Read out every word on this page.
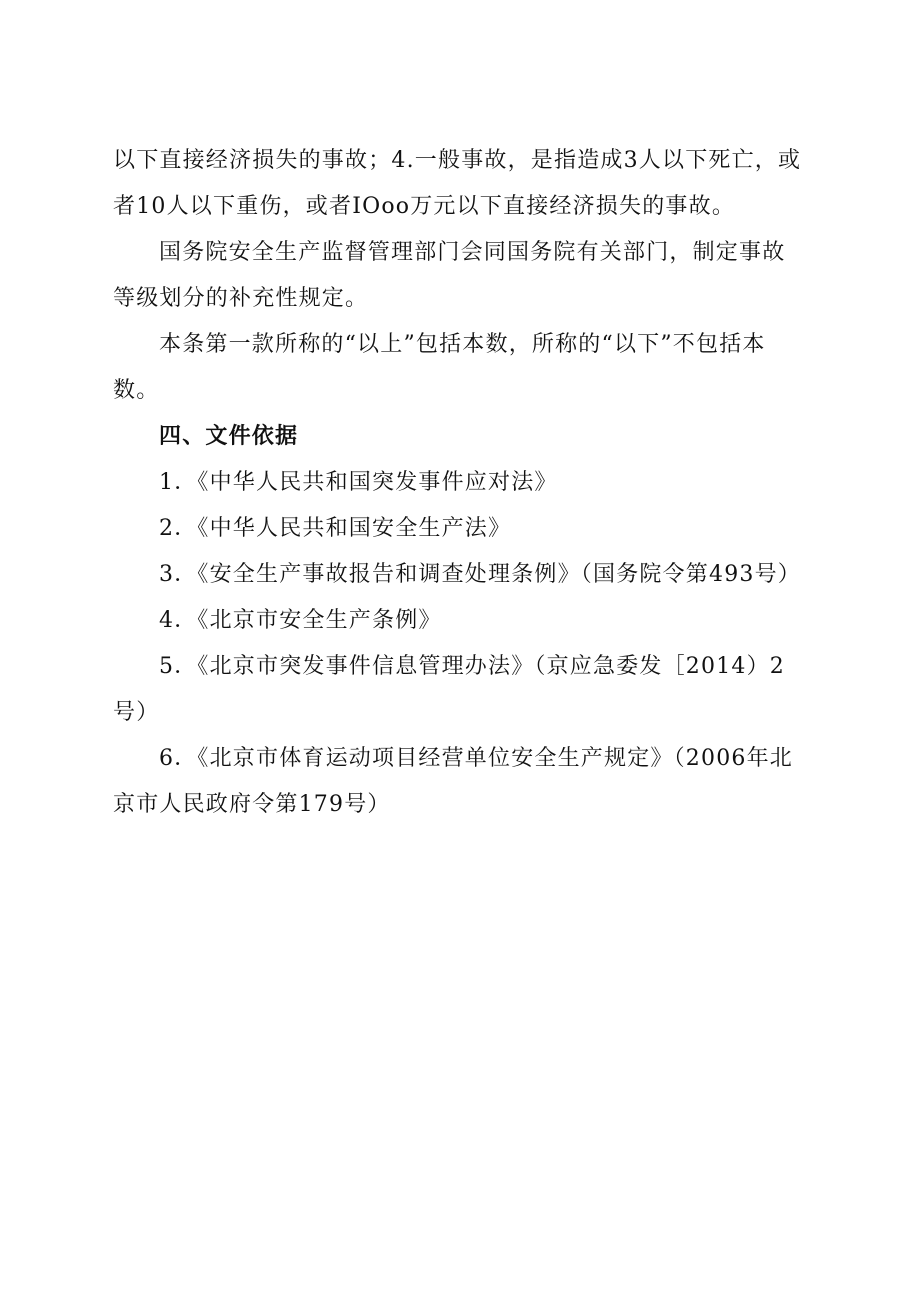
以下直接经济损失的事故；4.一般事故，是指造成3人以下死亡，或者10人以下重伤，或者IOoo万元以下直接经济损失的事故。

国务院安全生产监督管理部门会同国务院有关部门，制定事故等级划分的补充性规定。

本条第一款所称的“以上”包括本数，所称的“以下”不包括本数。

四、文件依据

1．《中华人民共和国突发事件应对法》

2．《中华人民共和国安全生产法》

3．《安全生产事故报告和调查处理条例》（国务院令第493号）

4．《北京市安全生产条例》

5．《北京市突发事件信息管理办法》（京应急委发［2014）2号）

6．《北京市体育运动项目经营单位安全生产规定》（2006年北京市人民政府令第179号）
